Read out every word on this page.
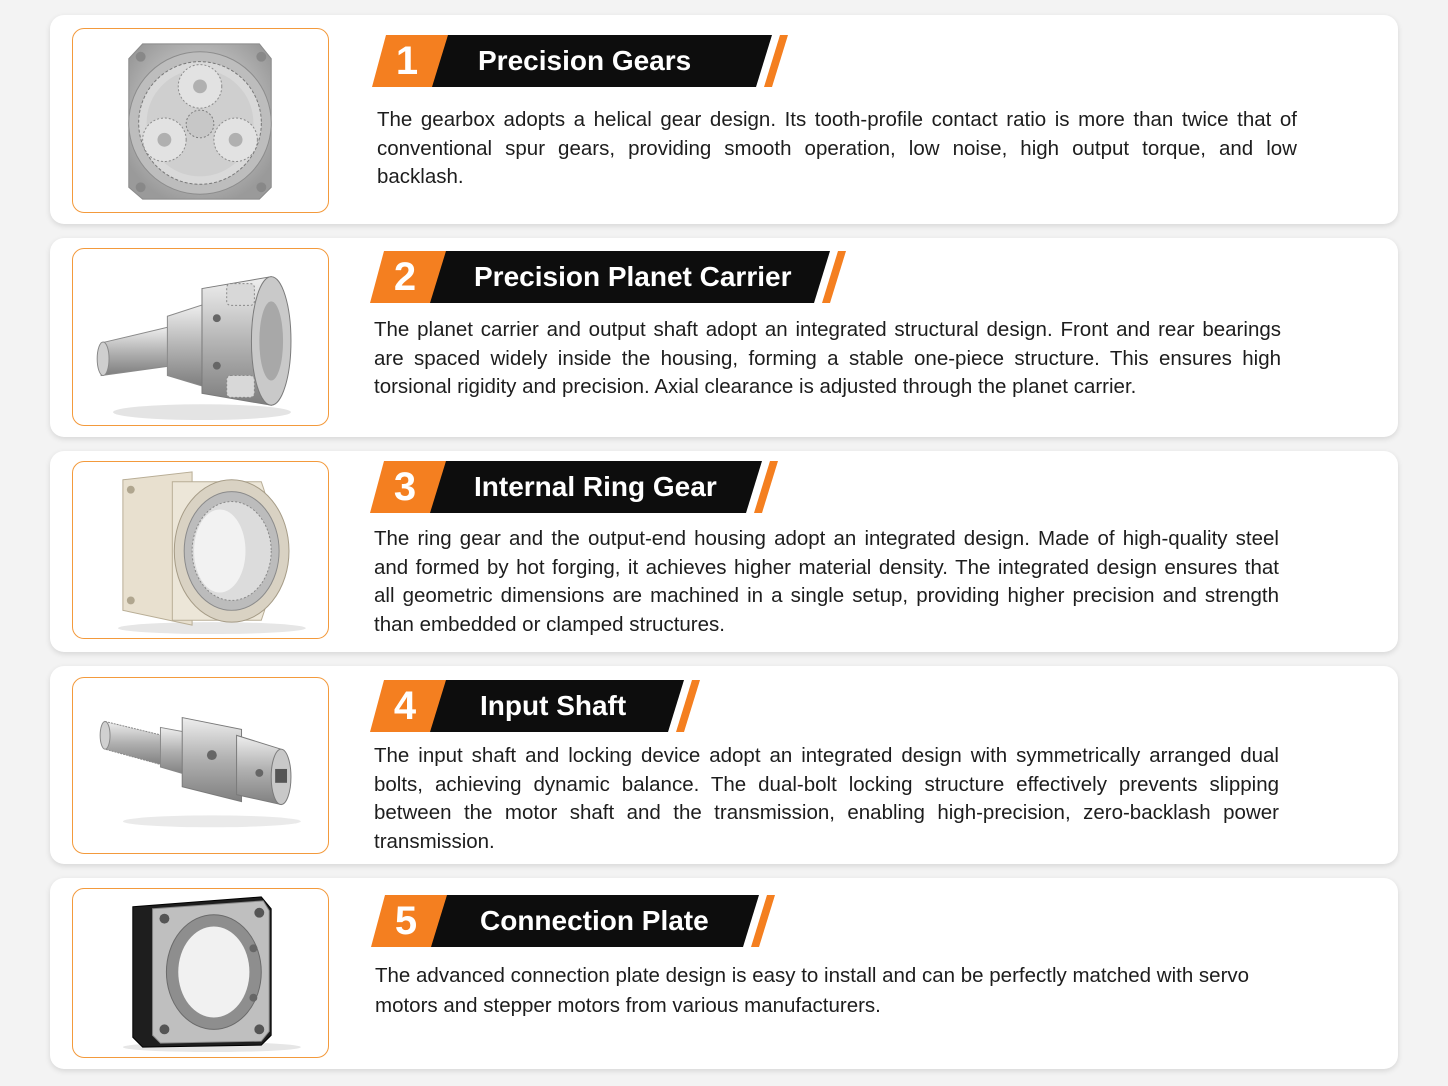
1	Precision Gears
The gearbox adopts a helical gear design. Its tooth-profile contact ratio is more than twice that of conventional spur gears, providing smooth operation, low noise, high output torque, and low backlash.
2	Precision Planet Carrier
The planet carrier and output shaft adopt an integrated structural design. Front and rear bearings are spaced widely inside the housing, forming a stable one-piece structure. This ensures high torsional rigidity and precision. Axial clearance is adjusted through the planet carrier.
3	Internal Ring Gear
The ring gear and the output-end housing adopt an integrated design. Made of high-quality steel and formed by hot forging, it achieves higher material density. The integrated design ensures that all geometric dimensions are machined in a single setup, providing higher precision and strength than embedded or clamped structures.
4	Input Shaft
The input shaft and locking device adopt an integrated design with symmetrically arranged dual bolts, achieving dynamic balance. The dual-bolt locking structure effectively prevents slipping between the motor shaft and the transmission, enabling high-precision, zero-backlash power transmission.
5	Connection Plate
The advanced connection plate design is easy to install and can be perfectly matched with servo motors and stepper motors from various manufacturers.
